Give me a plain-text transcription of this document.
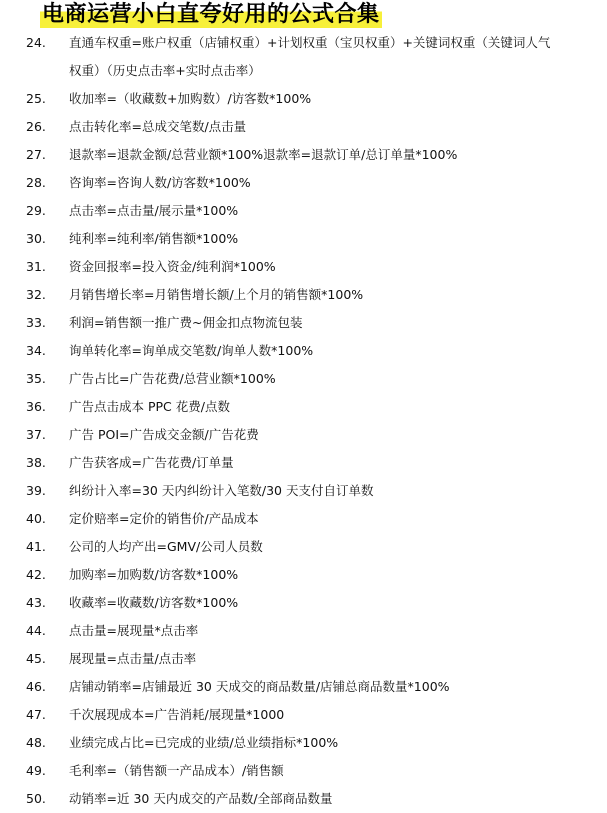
电商运营小白直夸好用的公式合集
24.	直通车权重=账户权重（店铺权重）+计划权重（宝贝权重）+关键词权重（关键词人气权重）（历史点击率+实时点击率）
25.	收加率=（收藏数+加购数）/访客数*100%
26.	点击转化率=总成交笔数/点击量
27.	退款率=退款金额/总营业额*100%退款率=退款订单/总订单量*100%
28.	咨询率=咨询人数/访客数*100%
29.	点击率=点击量/展示量*100%
30.	纯利率=纯利率/销售额*100%
31.	资金回报率=投入资金/纯利润*100%
32.	月销售增长率=月销售增长额/上个月的销售额*100%
33.	利润=销售额一推广费~佣金扣点物流包装
34.	询单转化率=询单成交笔数/询单人数*100%
35.	广告占比=广告花费/总营业额*100%
36.	广告点击成本 PPC 花费/点数
37.	广告 POI=广告成交金额/广告花费
38.	广告获客成=广告花费/订单量
39.	纠纷计入率=30 天内纠纷计入笔数/30 天支付自订单数
40.	定价赔率=定价的销售价/产品成本
41.	公司的人均产出=GMV/公司人员数
42.	加购率=加购数/访客数*100%
43.	收藏率=收藏数/访客数*100%
44.	点击量=展现量*点击率
45.	展现量=点击量/点击率
46.	店铺动销率=店铺最近 30 天成交的商品数量/店铺总商品数量*100%
47.	千次展现成本=广告消耗/展现量*1000
48.	业绩完成占比=已完成的业绩/总业绩指标*100%
49.	毛利率=（销售额一产品成本）/销售额
50.	动销率=近 30 天内成交的产品数/全部商品数量
